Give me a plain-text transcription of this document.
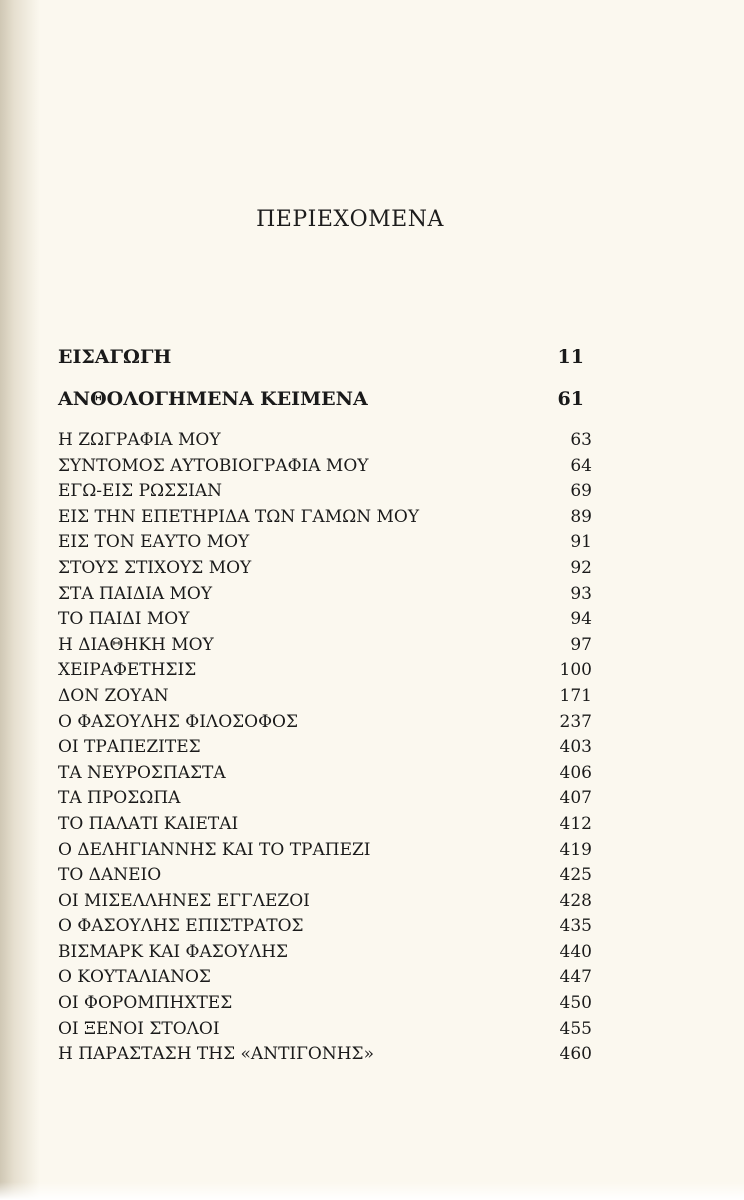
ΠΕΡΙΕΧΟΜΕΝΑ
ΕΙΣΑΓΩΓΗ	11
ΑΝΘΟΛΟΓΗΜΕΝΑ ΚΕΙΜΕΝΑ	61
Η ΖΩΓΡΑΦΙΑ ΜΟΥ	63
ΣΥΝΤΟΜΟΣ ΑΥΤΟΒΙΟΓΡΑΦΙΑ ΜΟΥ	64
ΕΓΩ-ΕΙΣ ΡΩΣΣΙΑΝ	69
ΕΙΣ ΤΗΝ ΕΠΕΤΗΡΙΔΑ ΤΩΝ ΓΑΜΩΝ ΜΟΥ	89
ΕΙΣ ΤΟΝ ΕΑΥΤΟ ΜΟΥ	91
ΣΤΟΥΣ ΣΤΙΧΟΥΣ ΜΟΥ	92
ΣΤΑ ΠΑΙΔΙΑ ΜΟΥ	93
ΤΟ ΠΑΙΔΙ ΜΟΥ	94
Η ΔΙΑΘΗΚΗ ΜΟΥ	97
ΧΕΙΡΑΦΕΤΗΣΙΣ	100
ΔΟΝ ΖΟΥΑΝ	171
Ο ΦΑΣΟΥΛΗΣ ΦΙΛΟΣΟΦΟΣ	237
ΟΙ ΤΡΑΠΕΖΙΤΕΣ	403
ΤΑ ΝΕΥΡΟΣΠΑΣΤΑ	406
ΤΑ ΠΡΟΣΩΠΑ	407
ΤΟ ΠΑΛΑΤΙ ΚΑΙΕΤΑΙ	412
Ο ΔΕΛΗΓΙΑΝΝΗΣ ΚΑΙ ΤΟ ΤΡΑΠΕΖΙ	419
ΤΟ ΔΑΝΕΙΟ	425
ΟΙ ΜΙΣΕΛΛΗΝΕΣ ΕΓΓΛΕΖΟΙ	428
Ο ΦΑΣΟΥΛΗΣ ΕΠΙΣΤΡΑΤΟΣ	435
ΒΙΣΜΑΡΚ ΚΑΙ ΦΑΣΟΥΛΗΣ	440
Ο ΚΟΥΤΑΛΙΑΝΟΣ	447
ΟΙ ΦΟΡΟΜΠΗΧΤΕΣ	450
ΟΙ ΞΕΝΟΙ ΣΤΟΛΟΙ	455
Η ΠΑΡΑΣΤΑΣΗ ΤΗΣ «ΑΝΤΙΓΟΝΗΣ»	460
